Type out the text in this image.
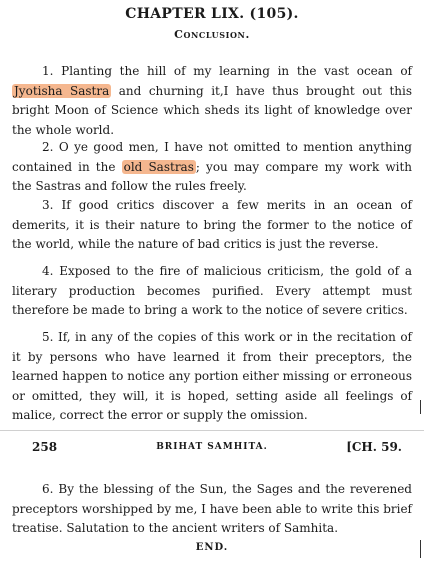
CHAPTER LIX. (105).
Conclusion.

1. Planting the hill of my learning in the vast ocean of Jyotisha Sastra and churning it,I have thus brought out this bright Moon of Science which sheds its light of knowledge over the whole world.

2. O ye good men, I have not omitted to mention anything contained in the old Sastras ; you may compare my work with the Sastras and follow the rules freely.

3. If good critics discover a few merits in an ocean of demerits, it is their nature to bring the former to the notice of the world, while the nature of bad critics is just the reverse.

4. Exposed to the fire of malicious criticism, the gold of a literary production becomes purified. Every attempt must therefore be made to bring a work to the notice of severe critics.

5. If, in any of the copies of this work or in the recitation of it by persons who have learned it from their preceptors, the learned happen to notice any portion either missing or erroneous or omitted, they will, it is hoped, setting aside all feelings of malice, correct the error or supply the omission.

258	BRIHAT SAMHITA.	[CH. 59.

6. By the blessing of the Sun, the Sages and the reverened preceptors worshipped by me, I have been able to write this brief treatise. Salutation to the ancient writers of Samhita.

END.
